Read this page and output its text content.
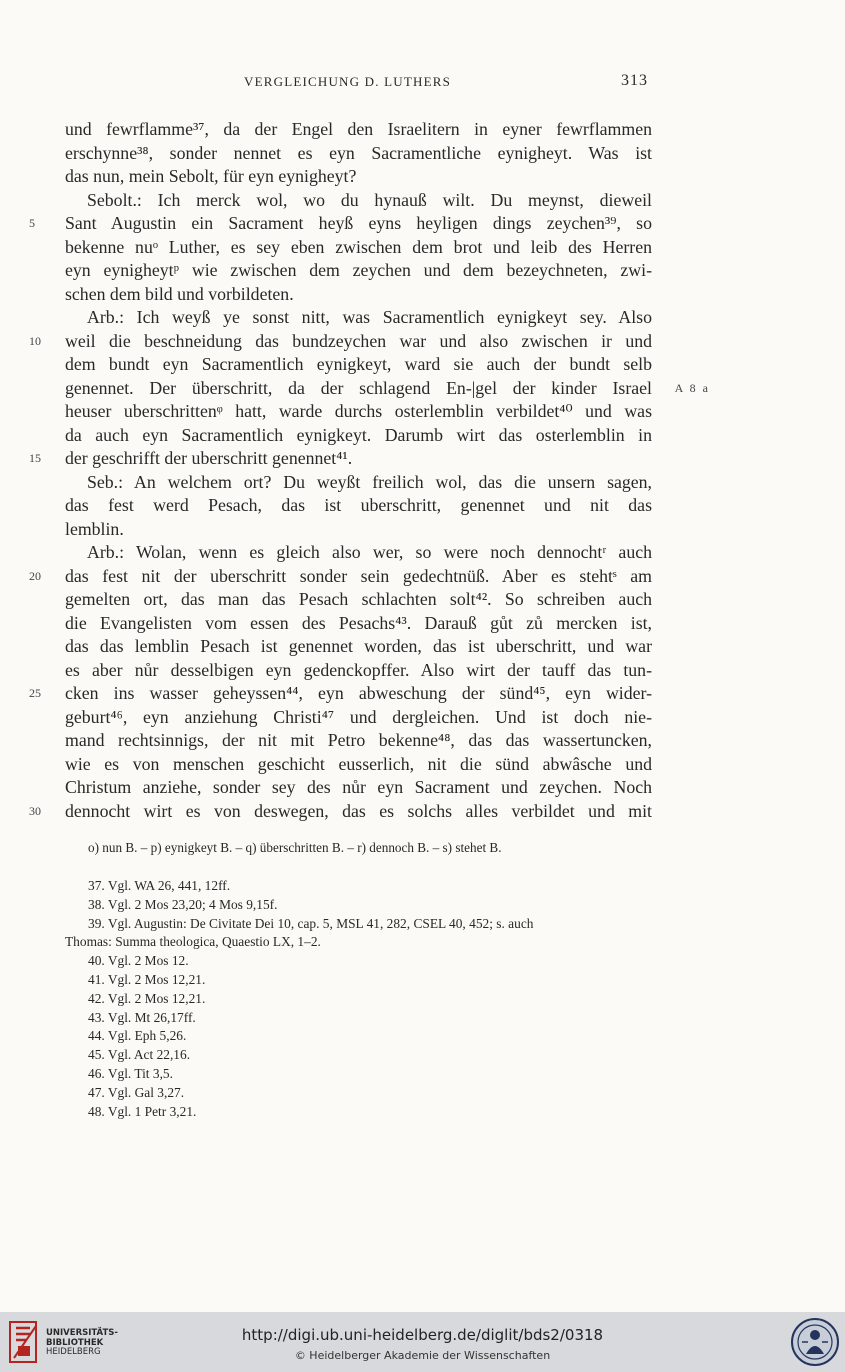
VERGLEICHUNG D. LUTHERS	313
und fewrflamme³⁷, da der Engel den Israelitern in eyner fewrflammen
erschynne³⁸, sonder nennet es eyn Sacramentliche eynigheyt. Was ist
das nun, mein Sebolt, für eyn eynigheyt?
Sebolt.: Ich merck wol, wo du hynauß wilt. Du meynst, dieweil
Sant Augustin ein Sacrament heyß eyns heyligen dings zeychen³⁹, so
5
bekenne nuᵒ Luther, es sey eben zwischen dem brot und leib des Herren
eyn eynigheytᵖ wie zwischen dem zeychen und dem bezeychneten, zwi-
schen dem bild und vorbildeten.
Arb.: Ich weyß ye sonst nitt, was Sacramentlich eynigkeyt sey. Also
weil die beschneidung das bundzeychen war und also zwischen ir und
10
dem bundt eyn Sacramentlich eynigkeyt, ward sie auch der bundt selb
genennet. Der überschritt, da der schlagend En-|gel der kinder Israel A 8 a
heuser uberschrittenᵠ hatt, warde durchs osterlemblin verbildet⁴⁰ und was
da auch eyn Sacramentlich eynigkeyt. Darumb wirt das osterlemblin in
der geschrifft der uberschritt genennet⁴¹.
15
Seb.: An welchem ort? Du weyßt freilich wol, das die unsern sagen,
das fest werd Pesach, das ist uberschritt, genennet und nit das
lemblin.
Arb.: Wolan, wenn es gleich also wer, so were noch dennochtʳ auch
das fest nit der uberschritt sonder sein gedechtnüß. Aber es stehtˢ am
20
gemelten ort, das man das Pesach schlachten solt⁴². So schreiben auch
die Evangelisten vom essen des Pesachs⁴³. Darauß gůt zů mercken ist,
das das lemblin Pesach ist genennet worden, das ist uberschritt, und war
es aber nůr desselbigen eyn gedenckopffer. Also wirt der tauff das tun-
cken ins wasser geheyssen⁴⁴, eyn abweschung der sünd⁴⁵, eyn wider-
25
geburt⁴⁶, eyn anziehung Christi⁴⁷ und dergleichen. Und ist doch nie-
mand rechtsinnigs, der nit mit Petro bekenne⁴⁸, das das wassertuncken,
wie es von menschen geschicht eusserlich, nit die sünd abwâsche und
Christum anziehe, sonder sey des nůr eyn Sacrament und zeychen. Noch
dennocht wirt es von deswegen, das es solchs alles verbildet und mit
30
o) nun B. – p) eynigkeyt B. – q) überschritten B. – r) dennoch B. – s) stehet B.
37. Vgl. WA 26, 441, 12ff.
38. Vgl. 2 Mos 23,20; 4 Mos 9,15f.
39. Vgl. Augustin: De Civitate Dei 10, cap. 5, MSL 41, 282, CSEL 40, 452; s. auch
Thomas: Summa theologica, Quaestio LX, 1–2.
40. Vgl. 2 Mos 12.
41. Vgl. 2 Mos 12,21.
42. Vgl. 2 Mos 12,21.
43. Vgl. Mt 26,17ff.
44. Vgl. Eph 5,26.
45. Vgl. Act 22,16.
46. Vgl. Tit 3,5.
47. Vgl. Gal 3,27.
48. Vgl. 1 Petr 3,21.
UNIVERSITÄTS-
BIBLIOTHEK
HEIDELBERG
http://digi.ub.uni-heidelberg.de/diglit/bds2/0318
© Heidelberger Akademie der Wissenschaften
